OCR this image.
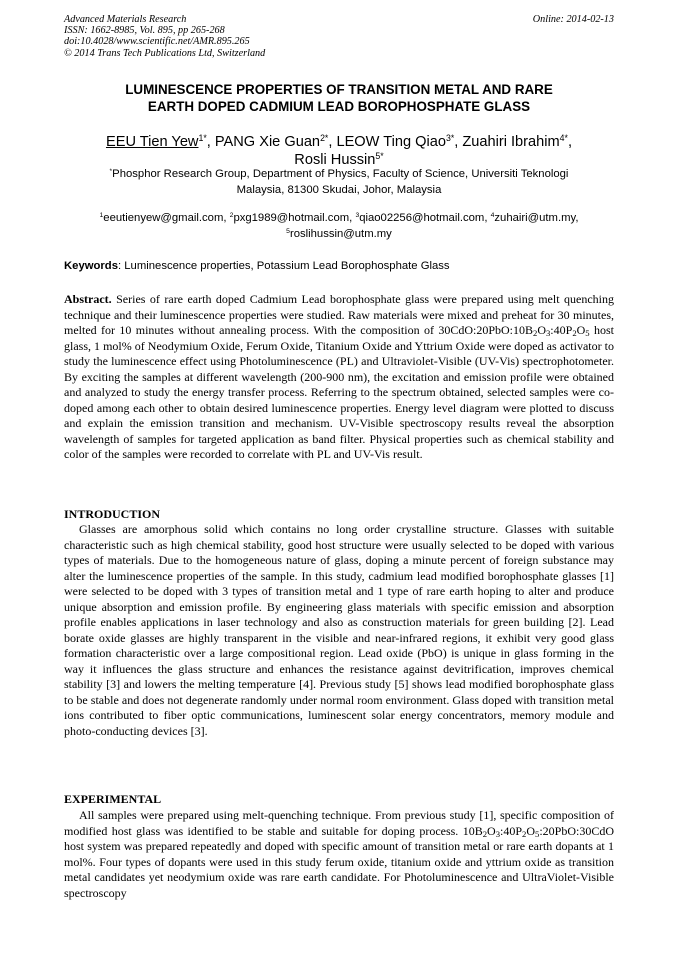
Advanced Materials Research
ISSN: 1662-8985, Vol. 895, pp 265-268
doi:10.4028/www.scientific.net/AMR.895.265
© 2014 Trans Tech Publications Ltd, Switzerland
Online: 2014-02-13
LUMINESCENCE PROPERTIES OF TRANSITION METAL AND RARE
EARTH DOPED CADMIUM LEAD BOROPHOSPHATE GLASS
EEU Tien Yew$^{1*}$, PANG Xie Guan$^{2*}$, LEOW Ting Qiao$^{3*}$, Zuahiri Ibrahim$^{4*}$,
Rosli Hussin$^{5*}$
*Phosphor Research Group, Department of Physics, Faculty of Science, Universiti Teknologi
Malaysia, 81300 Skudai, Johor, Malaysia
$^1$eeutienyew@gmail.com, $^2$pxg1989@hotmail.com, $^3$qiao02256@hotmail.com, $^4$zuhairi@utm.my,
$^5$roslihussin@utm.my
Keywords: Luminescence properties, Potassium Lead Borophosphate Glass
Abstract. Series of rare earth doped Cadmium Lead borophosphate glass were prepared using melt quenching technique and their luminescence properties were studied. Raw materials were mixed and preheat for 30 minutes, melted for 10 minutes without annealing process. With the composition of $30CdO:20PbO:10B_2O_3:40P_2O_5$ host glass, 1 mol% of Neodymium Oxide, Ferum Oxide, Titanium Oxide and Yttrium Oxide were doped as activator to study the luminescence effect using Photoluminescence (PL) and Ultraviolet-Visible (UV-Vis) spectrophotometer. By exciting the samples at different wavelength (200-900 nm), the excitation and emission profile were obtained and analyzed to study the energy transfer process. Referring to the spectrum obtained, selected samples were co-doped among each other to obtain desired luminescence properties. Energy level diagram were plotted to discuss and explain the emission transition and mechanism. UV-Visible spectroscopy results reveal the absorption wavelength of samples for targeted application as band filter. Physical properties such as chemical stability and color of the samples were recorded to correlate with PL and UV-Vis result.
INTRODUCTION
Glasses are amorphous solid which contains no long order crystalline structure. Glasses with suitable characteristic such as high chemical stability, good host structure were usually selected to be doped with various types of materials. Due to the homogeneous nature of glass, doping a minute percent of foreign substance may alter the luminescence properties of the sample. In this study, cadmium lead modified borophosphate glasses [1] were selected to be doped with 3 types of transition metal and 1 type of rare earth hoping to alter and produce unique absorption and emission profile. By engineering glass materials with specific emission and absorption profile enables applications in laser technology and also as construction materials for green building [2]. Lead borate oxide glasses are highly transparent in the visible and near-infrared regions, it exhibit very good glass formation characteristic over a large compositional region. Lead oxide (PbO) is unique in glass forming in the way it influences the glass structure and enhances the resistance against devitrification, improves chemical stability [3] and lowers the melting temperature [4]. Previous study [5] shows lead modified borophosphate glass to be stable and does not degenerate randomly under normal room environment. Glass doped with transition metal ions contributed to fiber optic communications, luminescent solar energy concentrators, memory module and photo-conducting devices [3].
EXPERIMENTAL
All samples were prepared using melt-quenching technique. From previous study [1], specific composition of modified host glass was identified to be stable and suitable for doping process. $10B_2O_3:40P_2O_5:20PbO:30CdO$ host system was prepared repeatedly and doped with specific amount of transition metal or rare earth dopants at 1 mol%. Four types of dopants were used in this study ferum oxide, titanium oxide and yttrium oxide as transition metal candidates yet neodymium oxide was rare earth candidate. For Photoluminescence and UltraViolet-Visible spectroscopy
